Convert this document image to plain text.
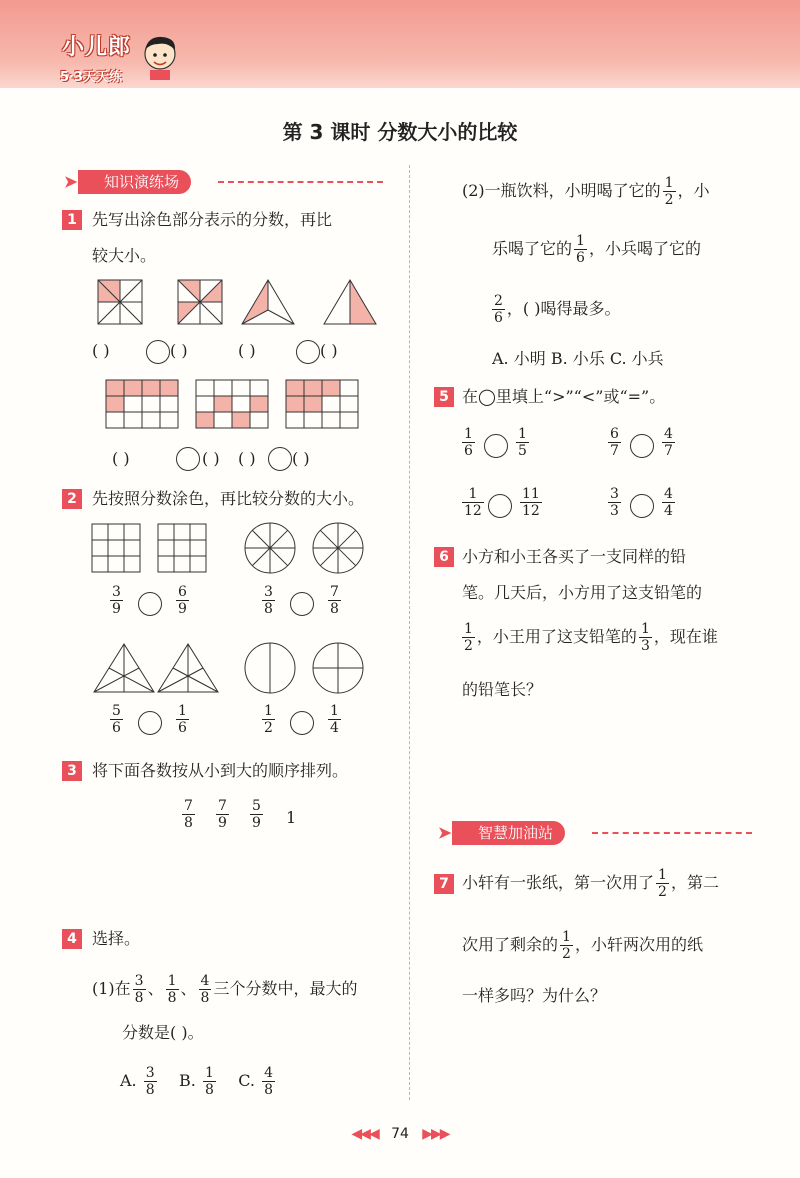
小儿郎
5·3天天练
第 3 课时 分数大小的比较
➤	知识演练场
1 先写出涂色部分表示的分数，再比
较大小。
( )	( )	( )	( )
( )	( ) ( ) ( )
2 先按照分数涂色，再比较分数的大小。
$\frac{3}{9}$	$\frac{6}{9}$	$\frac{3}{8}$	$\frac{7}{8}$
$\frac{5}{6}$	$\frac{1}{6}$	$\frac{1}{2}$	$\frac{1}{4}$
3 将下面各数按从小到大的顺序排列。
$\frac{7}{8} \frac{7}{9} \frac{5}{9} 1$
4 选择。
(1)在 $\frac{3}{8}$ 、 $\frac{1}{8}$ 、 $\frac{4}{8}$ 三个分数中，最大的
分数是( )。
A. $\frac{3}{8} B$. $\frac{1}{8} C$. $\frac{4}{8}$
(2)一瓶饮料，小明喝了它的 $\frac{1}{2}$ ，小
乐喝了它的 $\frac{1}{6}$ ，小兵喝了它的
$\frac{2}{6}$ ，( )喝得最多。
A. 小明 B. 小乐 C. 小兵
5 在◯里填上“>”“<”或“=”。
$\frac{1}{6}$	$\frac{1}{5}$	$\frac{6}{7}$	$\frac{4}{7}$
$\frac{1}{12}$	$\frac{11}{12}$	$\frac{3}{3}$	$\frac{4}{4}$
6 小方和小王各买了一支同样的铅
笔。几天后，小方用了这支铅笔的
$\frac{1}{2}$ ，小王用了这支铅笔的 $\frac{1}{3}$ ，现在谁
的铅笔长？
➤	智慧加油站
小轩有一张纸，第一次用了 $\frac{1}{2}$ ，第二
7
次用了剩余的 $\frac{1}{2}$ ，小轩两次用的纸
一样多吗？为什么？
◀◀◀ 74 ▶▶▶
